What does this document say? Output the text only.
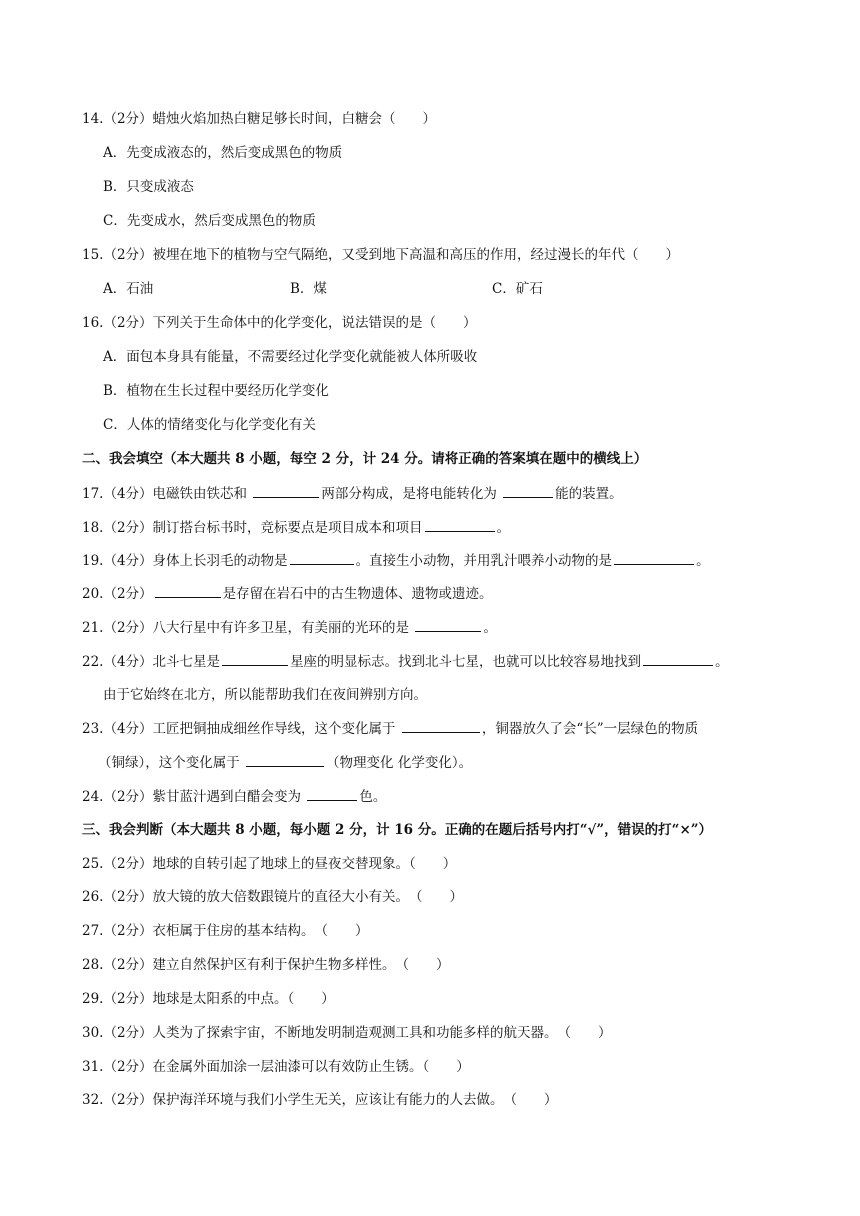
14.（2分）蜡烛火焰加热白糖足够长时间，白糖会（　　）
A．先变成液态的，然后变成黑色的物质
B．只变成液态
C．先变成水，然后变成黑色的物质
15.（2分）被埋在地下的植物与空气隔绝，又受到地下高温和高压的作用，经过漫长的年代（　　）
A．石油	B．煤	C．矿石
16.（2分）下列关于生命体中的化学变化，说法错误的是（　　）
A．面包本身具有能量，不需要经过化学变化就能被人体所吸收
B．植物在生长过程中要经历化学变化
C．人体的情绪变化与化学变化有关
二、我会填空（本大题共 8 小题，每空 2 分，计 24 分。请将正确的答案填在题中的横线上）
17.（4分）电磁铁由铁芯和	两部分构成，是将电能转化为	能的装置。
18.（2分）制订搭台标书时，竞标要点是项目成本和项目	。
19.（4分）身体上长羽毛的动物是	。直接生小动物，并用乳汁喂养小动物的是	。
20.（2分）	是存留在岩石中的古生物遗体、遗物或遗迹。
21.（2分）八大行星中有许多卫星，有美丽的光环的是	。
22.（4分）北斗七星是	星座的明显标志。找到北斗七星，也就可以比较容易地找到	。
由于它始终在北方，所以能帮助我们在夜间辨别方向。
23.（4分）工匠把铜抽成细丝作导线，这个变化属于	，铜器放久了会“长”一层绿色的物质
（铜绿），这个变化属于	（物理变化 化学变化）。
24.（2分）紫甘蓝汁遇到白醋会变为	色。
三、我会判断（本大题共 8 小题，每小题 2 分，计 16 分。正确的在题后括号内打“√”，错误的打“×”）
25.（2分）地球的自转引起了地球上的昼夜交替现象。（　　）
26.（2分）放大镜的放大倍数跟镜片的直径大小有关。　（　　）
27.（2分）衣柜属于住房的基本结构。　（　　）
28.（2分）建立自然保护区有利于保护生物多样性。　（　　）
29.（2分）地球是太阳系的中点。（　　）
30.（2分）人类为了探索宇宙，不断地发明制造观测工具和功能多样的航天器。　（　　）
31.（2分）在金属外面加涂一层油漆可以有效防止生锈。（　　）
32.（2分）保护海洋环境与我们小学生无关，应该让有能力的人去做。　（　　）
